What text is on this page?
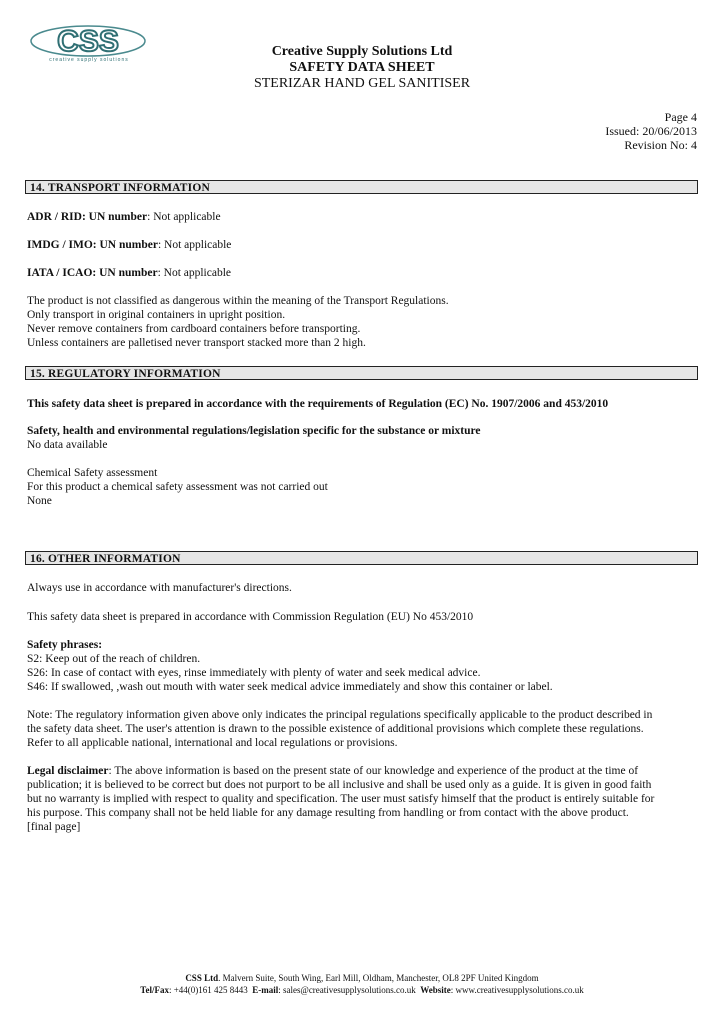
CSS
creative supply solutions
Creative Supply Solutions Ltd
SAFETY DATA SHEET
STERIZAR HAND GEL SANITISER
Page 4
Issued: 20/06/2013
Revision No: 4
14. TRANSPORT INFORMATION
ADR / RID: UN number: Not applicable
IMDG / IMO: UN number: Not applicable
IATA / ICAO: UN number: Not applicable
The product is not classified as dangerous within the meaning of the Transport Regulations.
Only transport in original containers in upright position.
Never remove containers from cardboard containers before transporting.
Unless containers are palletised never transport stacked more than 2 high.
15. REGULATORY INFORMATION
This safety data sheet is prepared in accordance with the requirements of Regulation (EC) No. 1907/2006 and 453/2010
Safety, health and environmental regulations/legislation specific for the substance or mixture
No data available
Chemical Safety assessment
For this product a chemical safety assessment was not carried out
None
16. OTHER INFORMATION
Always use in accordance with manufacturer's directions.
This safety data sheet is prepared in accordance with Commission Regulation (EU) No 453/2010
Safety phrases:
S2: Keep out of the reach of children.
S26: In case of contact with eyes, rinse immediately with plenty of water and seek medical advice.
S46: If swallowed, ,wash out mouth with water seek medical advice immediately and show this container or label.
Note: The regulatory information given above only indicates the principal regulations specifically applicable to the product described in
the safety data sheet. The user's attention is drawn to the possible existence of additional provisions which complete these regulations.
Refer to all applicable national, international and local regulations or provisions.
Legal disclaimer: The above information is based on the present state of our knowledge and experience of the product at the time of
publication; it is believed to be correct but does not purport to be all inclusive and shall be used only as a guide. It is given in good faith
but no warranty is implied with respect to quality and specification. The user must satisfy himself that the product is entirely suitable for
his purpose. This company shall not be held liable for any damage resulting from handling or from contact with the above product.
[final page]
CSS Ltd. Malvern Suite, South Wing, Earl Mill, Oldham, Manchester, OL8 2PF United Kingdom
Tel/Fax: +44(0)161 425 8443 E-mail: sales@creativesupplysolutions.co.uk Website: www.creativesupplysolutions.co.uk
